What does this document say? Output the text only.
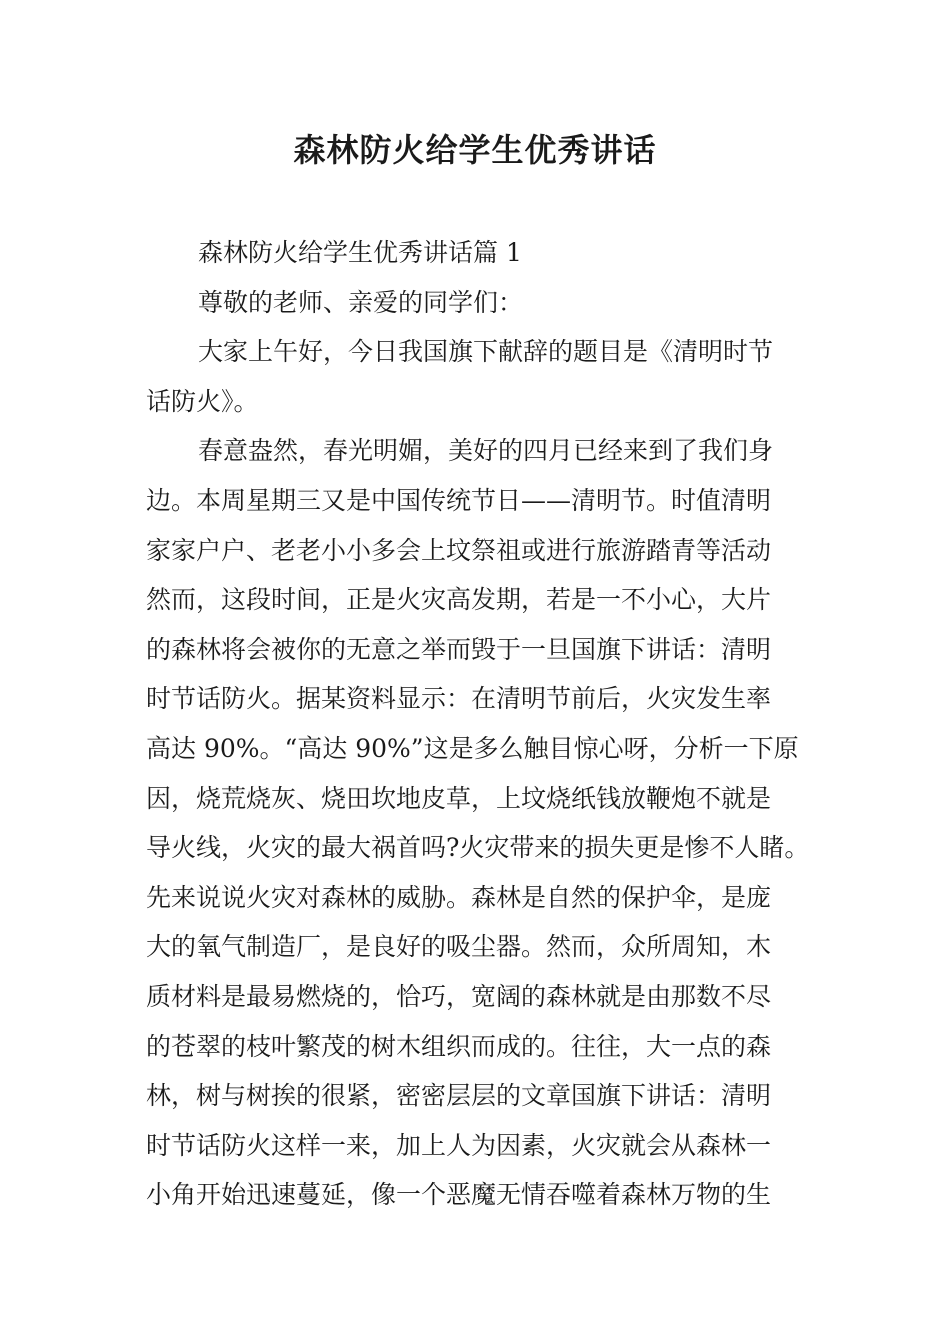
森林防火给学生优秀讲话
森林防火给学生优秀讲话篇 1
尊敬的老师、亲爱的同学们：
大家上午好，今日我国旗下献辞的题目是《清明时节
话防火》。
春意盎然，春光明媚，美好的四月已经来到了我们身
边。本周星期三又是中国传统节日——清明节。时值清明
家家户户、老老小小多会上坟祭祖或进行旅游踏青等活动
然而，这段时间，正是火灾高发期，若是一不小心，大片
的森林将会被你的无意之举而毁于一旦国旗下讲话：清明
时节话防火。据某资料显示：在清明节前后，火灾发生率
高达 90%。“高达 90%”这是多么触目惊心呀，分析一下原
因，烧荒烧灰、烧田坎地皮草，上坟烧纸钱放鞭炮不就是
导火线，火灾的最大祸首吗?火灾带来的损失更是惨不人睹。
先来说说火灾对森林的威胁。森林是自然的保护伞，是庞
大的氧气制造厂，是良好的吸尘器。然而，众所周知，木
质材料是最易燃烧的，恰巧，宽阔的森林就是由那数不尽
的苍翠的枝叶繁茂的树木组织而成的。往往，大一点的森
林，树与树挨的很紧，密密层层的文章国旗下讲话：清明
时节话防火这样一来，加上人为因素，火灾就会从森林一
小角开始迅速蔓延，像一个恶魔无情吞噬着森林万物的生
